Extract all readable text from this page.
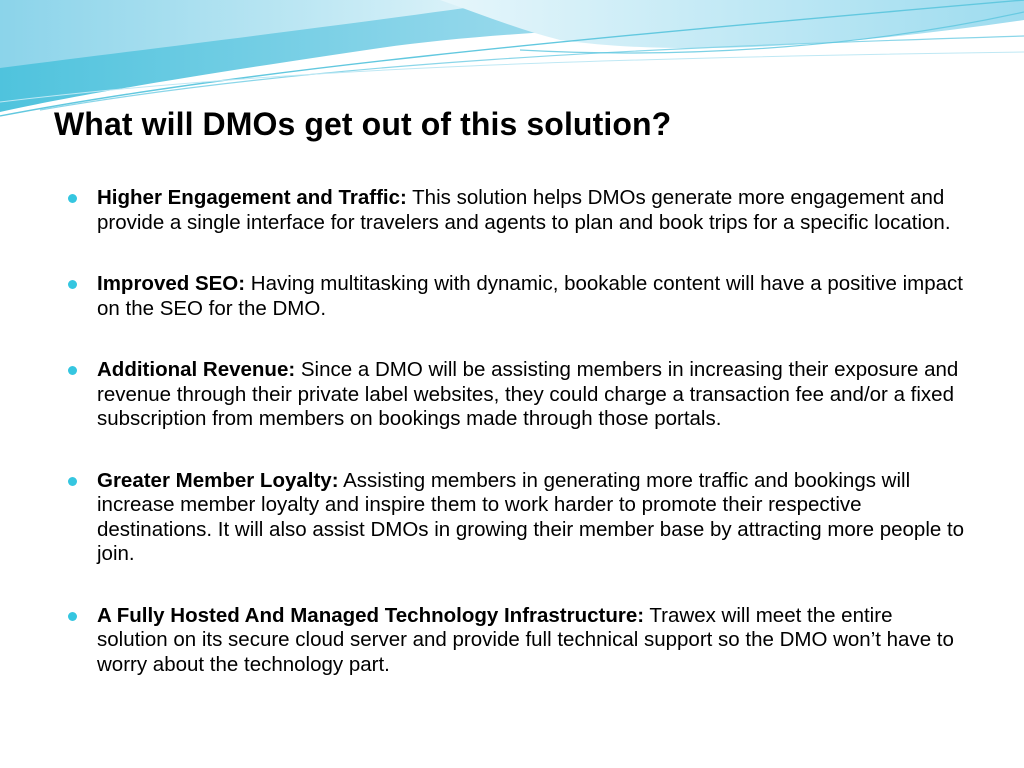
What will DMOs get out of this solution?
Higher Engagement and Traffic: This solution helps DMOs generate more engagement and provide a single interface for travelers and agents to plan and book trips for a specific location.
Improved SEO: Having multitasking with dynamic, bookable content will have a positive impact on the SEO for the DMO.
Additional Revenue: Since a DMO will be assisting members in increasing their exposure and revenue through their private label websites, they could charge a transaction fee and/or a fixed subscription from members on bookings made through those portals.
Greater Member Loyalty: Assisting members in generating more traffic and bookings will increase member loyalty and inspire them to work harder to promote their respective destinations. It will also assist DMOs in growing their member base by attracting more people to join.
A Fully Hosted And Managed Technology Infrastructure: Trawex will meet the entire solution on its secure cloud server and provide full technical support so the DMO won’t have to worry about the technology part.
